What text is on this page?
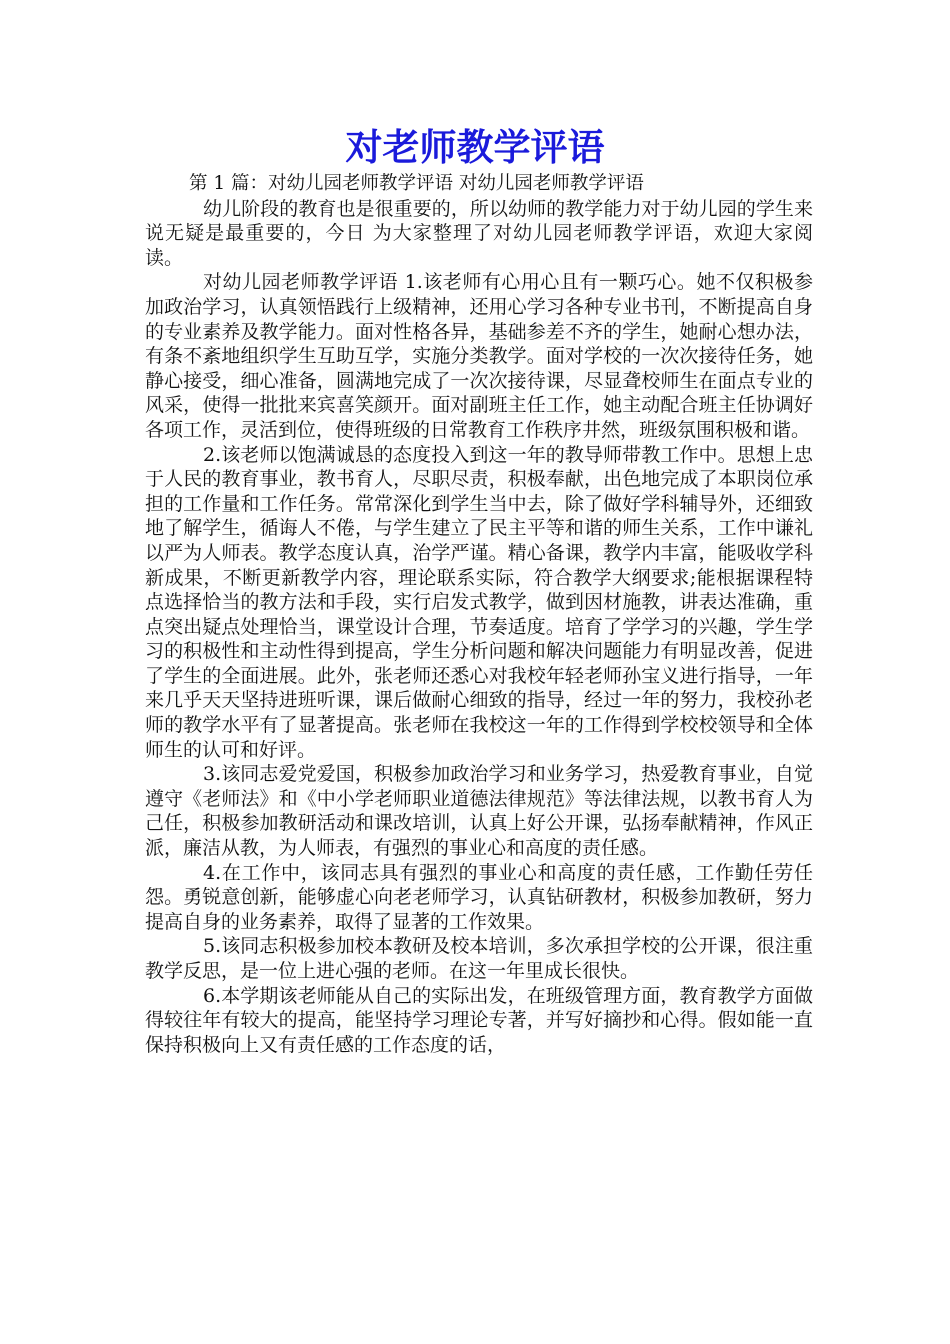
对老师教学评语

第 1 篇：对幼儿园老师教学评语 对幼儿园老师教学评语

幼儿阶段的教育也是很重要的，所以幼师的教学能力对于幼儿园的学生来说无疑是最重要的，今日 为大家整理了对幼儿园老师教学评语，欢迎大家阅读。

对幼儿园老师教学评语 1.该老师有心用心且有一颗巧心。她不仅积极参加政治学习，认真领悟践行上级精神，还用心学习各种专业书刊，不断提高自身的专业素养及教学能力。面对性格各异，基础参差不齐的学生，她耐心想办法，有条不紊地组织学生互助互学，实施分类教学。面对学校的一次次接待任务，她静心接受，细心准备，圆满地完成了一次次接待课，尽显聋校师生在面点专业的风采，使得一批批来宾喜笑颜开。面对副班主任工作，她主动配合班主任协调好各项工作，灵活到位，使得班级的日常教育工作秩序井然，班级氛围积极和谐。

2.该老师以饱满诚恳的态度投入到这一年的教导师带教工作中。思想上忠于人民的教育事业，教书育人，尽职尽责，积极奉献，出色地完成了本职岗位承担的工作量和工作任务。常常深化到学生当中去，除了做好学科辅导外，还细致地了解学生，循诲人不倦，与学生建立了民主平等和谐的师生关系，工作中谦礼以严为人师表。教学态度认真，治学严谨。精心备课，教学内丰富，能吸收学科新成果，不断更新教学内容，理论联系实际，符合教学大纲要求;能根据课程特点选择恰当的教方法和手段，实行启发式教学，做到因材施教，讲表达准确，重点突出疑点处理恰当，课堂设计合理，节奏适度。培育了学学习的兴趣，学生学习的积极性和主动性得到提高，学生分析问题和解决问题能力有明显改善，促进了学生的全面进展。此外，张老师还悉心对我校年轻老师孙宝义进行指导，一年来几乎天天坚持进班听课，课后做耐心细致的指导，经过一年的努力，我校孙老师的教学水平有了显著提高。张老师在我校这一年的工作得到学校校领导和全体师生的认可和好评。

3.该同志爱党爱国，积极参加政治学习和业务学习，热爱教育事业，自觉遵守《老师法》和《中小学老师职业道德法律规范》等法律法规，以教书育人为己任，积极参加教研活动和课改培训，认真上好公开课，弘扬奉献精神，作风正派，廉洁从教，为人师表，有强烈的事业心和高度的责任感。

4.在工作中，该同志具有强烈的事业心和高度的责任感，工作勤任劳任怨。勇锐意创新，能够虚心向老老师学习，认真钻研教材，积极参加教研，努力提高自身的业务素养，取得了显著的工作效果。

5.该同志积极参加校本教研及校本培训，多次承担学校的公开课，很注重教学反思，是一位上进心强的老师。在这一年里成长很快。

6.本学期该老师能从自己的实际出发，在班级管理方面，教育教学方面做得较往年有较大的提高，能坚持学习理论专著，并写好摘抄和心得。假如能一直保持积极向上又有责任感的工作态度的话，
